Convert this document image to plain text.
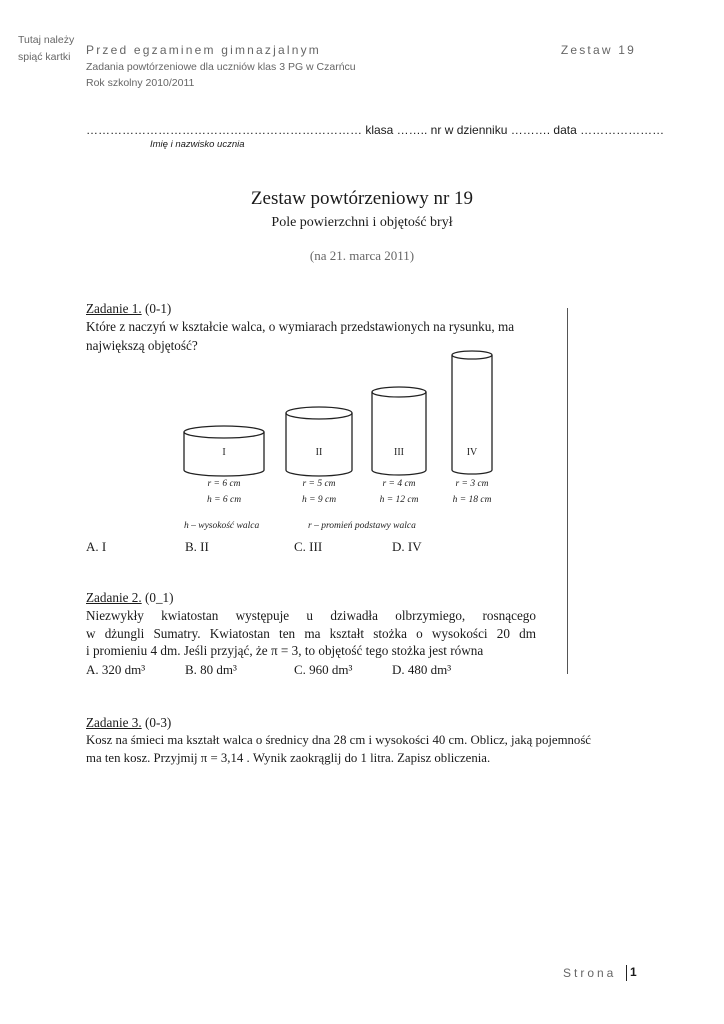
Tutaj należy
spiąć kartki Przed egzaminem gimnazjalnym	Zestaw 19
Zadania powtórzeniowe dla uczniów klas 3 PG w Czarńcu
Rok szkolny 2010/2011
…………………………………………………………… klasa …….. nr w dzienniku ………. data …………………
Imię i nazwisko ucznia
Zestaw powtórzeniowy nr 19
Pole powierzchni i objętość brył
(na 21. marca 2011)
Zadanie 1. (0-1)
Które z naczyń w kształcie walca, o wymiarach przedstawionych na rysunku, ma
największą objętość?
I	II	III	IV
r = 6 cm	r = 5 cm	r = 4 cm	r = 3 cm
h = 6 cm	h = 9 cm	h = 12 cm	h = 18 cm
h – wysokość walca	r – promień podstawy walca
A. I	B. II	C. III	D. IV
Zadanie 2. (0_1)
Niezwykły kwiatostan występuje u dziwadła olbrzymiego, rosnącego
w dżungli Sumatry. Kwiatostan ten ma kształt stożka o wysokości 20 dm
i promieniu 4 dm. Jeśli przyjąć, że π = 3, to objętość tego stożka jest równa
A. 320 dm³	B. 80 dm³	C. 960 dm³	D. 480 dm³
Zadanie 3. (0-3)
Kosz na śmieci ma kształt walca o średnicy dna 28 cm i wysokości 40 cm. Oblicz, jaką pojemność
ma ten kosz. Przyjmij π = 3,14 . Wynik zaokrąglij do 1 litra. Zapisz obliczenia.
Strona 1
